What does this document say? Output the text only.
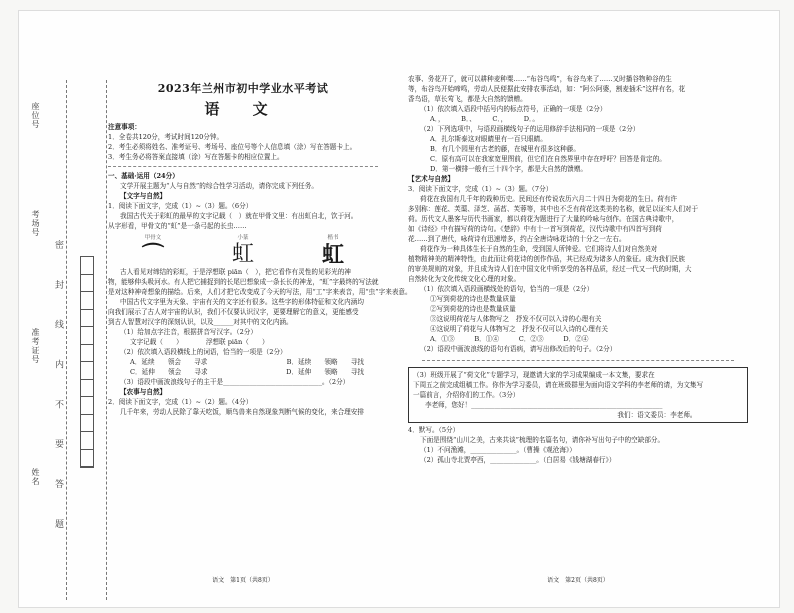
座位号
考场号
准考证号
姓名 密 封 线 内 不 要 答 题
2023年兰州市初中学业水平考试
语 文
注意事项：
1．全卷共120分，考试时间120分钟。
2．考生必须将姓名、准考证号、考场号、座位号等个人信息填（涂）写在答题卡上。
3．考生务必将答案直接填（涂）写在答题卡的相应位置上。
一、基础·运用（24分）
文学开展主题为“人与自然”的综合性学习活动，请你完成下列任务。
【文字与自然】
1．阅读下面文字，完成（1）~（3）题。（6分）
我国古代关于彩虹的最早的文字记载（　）就在甲骨文里：有出虹自北，饮于河。
从字形看，甲骨文的“虹”是一条弓起的长虫……
甲骨文
⌒
小篆
虹
楷书
虹
古人看见对缔结的彩虹，于是浮想联 piān（　），把它看作有灵性的见彩光的神
物，能够伸头吸河水。有人把它捕捉到的长尾巴想象成一条长长的神龙，“虹”字最终的写法就
是对这种神奇想象的描绘。后来，人们才把它改变成了今天的写法，用“工”字来表音，用“虫”字来表意。
中国古代文字里为天象、宇宙有关的文字还有很多。这些字的形体特征和文化内涵均
向我们展示了古人对宇宙的认识，我们不仅要认识汉字，更要理解它的意义，更能感受
到古人智慧对汉字的深刻认识，以及______对其中的文化内涵。
（1）给加点字注音，根据拼音写汉字。（2分）
文字记载（　　）　　　　浮想联 piān（　　）
（2）依次填入语段横线上的词语，恰当的一项是（2分）
A．延续　　领会　　寻求	B．延续　　领略　　寻找
C．延伸　　领会　　寻求	D．延伸　　领略　　寻找
（3）语段中画波浪线句子的主干是______________________________。（2分）
【农事与自然】
2．阅读下面文字，完成（1）~（2）题。（4分）
几千年来，劳动人民除了靠天吃饭，顺鸟兽来自然现象判断气候的变化，来合理安排
语文　第1页（共8页）
农事、务花开了，就可以耕种麦种粟……“布谷鸟鸣”，布谷鸟来了……又时播谷物种谷的生
等，布谷鸟开始啼鸣，劳动人民便据此安排农事活动，如：“阿公阿婆，割麦插禾”这样有名，花
香鸟语，草长莺飞，都是大自然的馈赠。
（1）依次填入语段中括号内的标点符号，正确的一项是（2分）
A．，　　　B．、　　　C．，　　　D．。
（2）下列选项中，与语段画横线句子的运用修辞手法相同的一项是（2分）
A．扎尔斯泰这对眼睛里有一百只眼睛。
B．有几个园里有古老的藤，在城里有很多这种藤。
C．原有高可以在我家宽里图前，但它们在自然界里中存在呼吁？回答是肯定的。
D．第一横排一般有三十四个字，都是大自然的馈赠。
【艺术与自然】
3．阅读下面文字，完成（1）~（3）题。（7分）
荷花在我国有几千年的栽种历史。民间还有传说农历六月二十四日为荷花的生日。荷有许
多别称：莲花、芙蕖、泽芝、菡萏、芙蓉等，其中也不乏有荷花这类美的名称，就足以证实人们对于
荷。历代文人墨客与历代书画家，都以荷花为题进行了大量的吟咏与创作。在国古典诗歌中，
如《诗经》中有描写荷的诗句。《楚辞》中有十一首写到荷花，汉代诗歌中有四首写到荷
花……到了唐代，咏荷诗有迅速增多，约占全唐诗咏花诗的十分之一左右。
荷花作为一种具体生长于自然的生命，受到国人所钟爱。它们将诗人们对自然美对
植物精神美的精神特性，由此而让荷花诗的创作作品，其已经成为诸多人的象征。成为我们民族
的审美规则的对象，并且成为诗人们在中国文化中所享受的各样品质，经过一代又一代的时期，大
自然转化为文化传统文化心理的对象。
（1）依次填入语段画横线处的语句，恰当的一项是（2分）
①写到荷花的诗也是数量质量
②写到荷花的诗也是数量质量
③这说明荷花与人体物写之　抒发不仅可以入诗的心理有关
④这说明了荷花与人体物写之　抒发不仅可以入诗的心理有关
A．①③　　　B．①④　　　C．②③　　　D．②④
（2）语段中画波浪线的语句有语病，请写出修改后的句子。（2分）
（3）班级开展了“荷文化”专题学习，现邀请大家的学习成果编成一本文集，要求在
下周五之前完成组稿工作。你作为学习委员，请在班级群里为面向语文学科的李老师的请，为文集写
一篇前言，介绍你们的工作。（3分）
李老师，您好！__________________________________________________________
　　　　　　　　　　　　　　　　　　　　　　　　　　　　　　　我们：语文委员：李老师。
4．默写。（5分）
下面是围绕“山川之美，古来共谈”梳理的名篇名句，请你补写出句子中的空缺部分。
（1）不问渔滩，______________。（曹操《观沧海》）
（2）孤山寺北贾亭西，______________。（白居易《钱塘湖春行》）
语文　第2页（共8页）
